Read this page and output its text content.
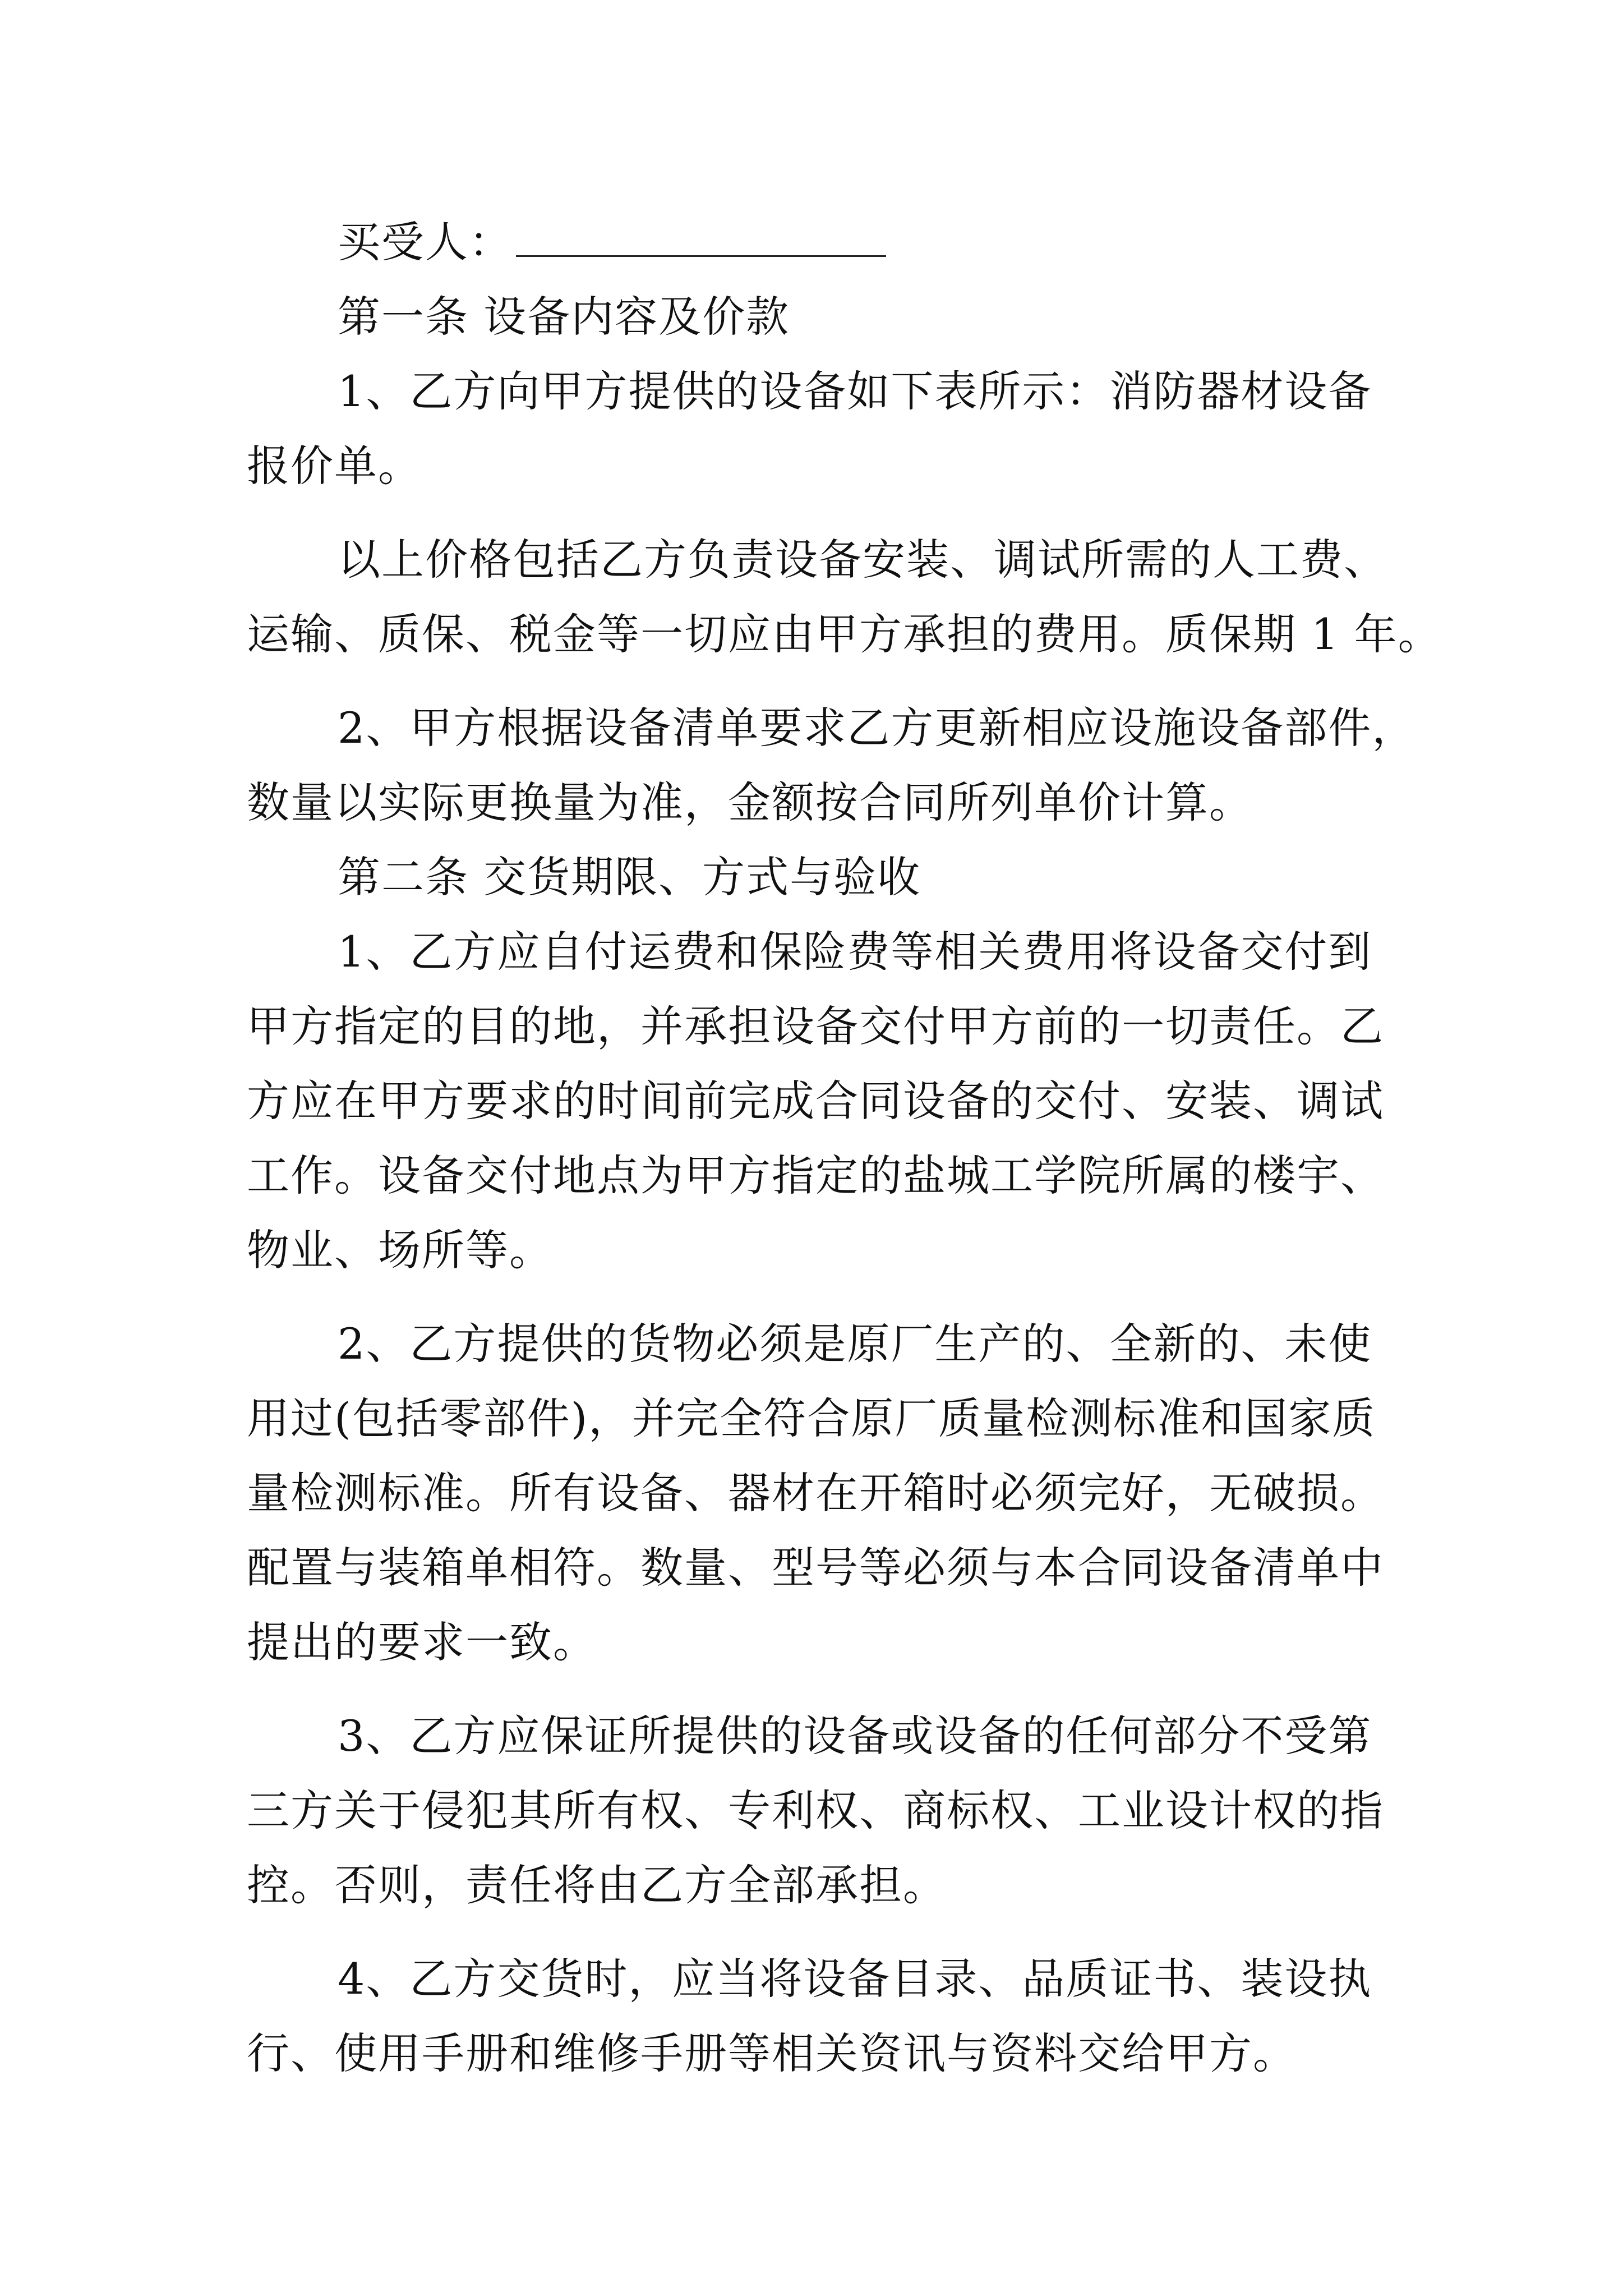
买受人：
第一条 设备内容及价款
1、乙方向甲方提供的设备如下表所示：消防器材设备
报价单。
以上价格包括乙方负责设备安装、调试所需的人工费、
运输、质保、税金等一切应由甲方承担的费用。质保期 1 年。
2、甲方根据设备清单要求乙方更新相应设施设备部件，
数量以实际更换量为准，金额按合同所列单价计算。
第二条 交货期限、方式与验收
1、乙方应自付运费和保险费等相关费用将设备交付到
甲方指定的目的地，并承担设备交付甲方前的一切责任。乙
方应在甲方要求的时间前完成合同设备的交付、安装、调试
工作。设备交付地点为甲方指定的盐城工学院所属的楼宇、
物业、场所等。
2、乙方提供的货物必须是原厂生产的、全新的、未使
用过(包括零部件)，并完全符合原厂质量检测标准和国家质
量检测标准。所有设备、器材在开箱时必须完好，无破损。
配置与装箱单相符。数量、型号等必须与本合同设备清单中
提出的要求一致。
3、乙方应保证所提供的设备或设备的任何部分不受第
三方关于侵犯其所有权、专利权、商标权、工业设计权的指
控。否则，责任将由乙方全部承担。
4、乙方交货时，应当将设备目录、品质证书、装设执
行、使用手册和维修手册等相关资讯与资料交给甲方。
